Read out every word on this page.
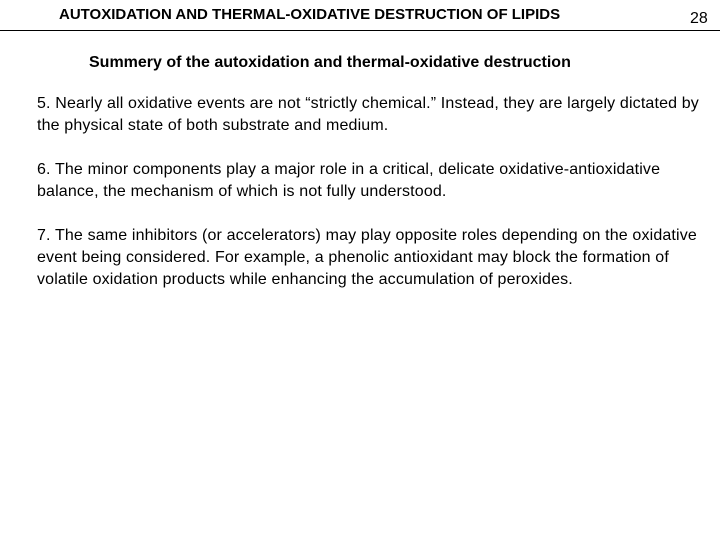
AUTOXIDATION AND THERMAL-OXIDATIVE DESTRUCTION OF LIPIDS	28
Summery of the autoxidation and thermal-oxidative destruction

5. Nearly all oxidative events are not “strictly chemical.” Instead, they are largely dictated by the physical state of both substrate and medium.

6. The minor components play a major role in a critical, delicate oxidative-antioxidative balance, the mechanism of which is not fully understood.

7. The same inhibitors (or accelerators) may play opposite roles depending on the oxidative event being considered. For example, a phenolic antioxidant may block the formation of volatile oxidation products while enhancing the accumulation of peroxides.
